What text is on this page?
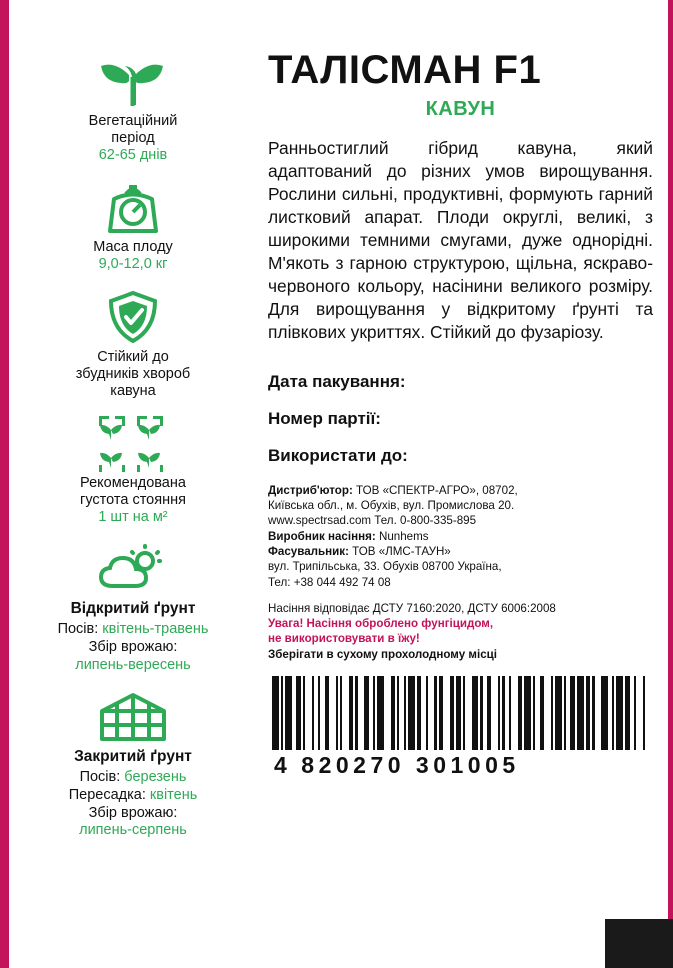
Вегетаційний
період
62-65 днів
Маса плоду
9,0-12,0 кг
Стійкий до
збудників хвороб
кавуна
Рекомендована
густота стояння
1 шт на м²
Відкритий ґрунт
Посів: квітень-травень
Збір врожаю:
липень-вересень
Закритий ґрунт
Посів: березень
Пересадка: квітень
Збір врожаю:
липень-серпень
ТАЛІСМАН F1
КАВУН

Ранньостиглий гібрид кавуна, який адаптований до різних умов вирощування. Рослини сильні, продуктивні, формують гарний листковий апарат. Плоди округлі, великі, з широкими темними смугами, дуже однорідні. М'якоть з гарною структурою, щільна, яскраво-червоного кольору, насінини великого розміру. Для вирощування у відкритому ґрунті та плівкових укриттях. Стійкий до фузаріозу.

Дата пакування:
Номер партії:
Використати до:
Дистриб'ютор: ТОВ «СПЕКТР-АГРО», 08702,
Київська обл., м. Обухів, вул. Промислова 20.
www.spectrsad.com Тел. 0-800-335-895
Виробник насіння: Nunhems
Фасувальник: ТОВ «ЛМС-ТАУН»
вул. Трипільська, 33. Обухів 08700 Україна,
Тел: +38 044 492 74 08
Насіння відповідає ДСТУ 7160:2020, ДСТУ 6006:2008
Увага! Насіння оброблено фунгіцидом,
не використовувати в їжу!
Зберігати в сухому прохолодному місці
4 820270 301005
